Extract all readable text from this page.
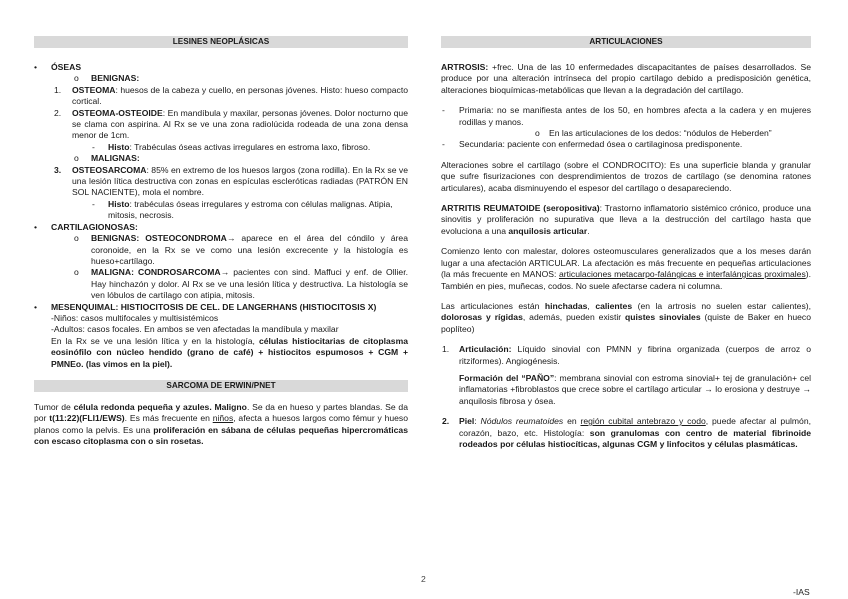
LESINES NEOPLÁSICAS
• ÓSEAS
o BENIGNAS:
1. OSTEOMA: huesos de la cabeza y cuello, en personas jóvenes. Histo: hueso compacto cortical.
2. OSTEOMA-OSTEOIDE: En mandíbula y maxilar, personas jóvenes. Dolor nocturno que se clama con aspirina. Al Rx se ve una zona radiolúcida rodeada de una zona densa menor de 1cm.
- Histo: Trabéculas óseas activas irregulares en estroma laxo, fibroso.
o MALIGNAS:
3. OSTEOSARCOMA: 85% en extremo de los huesos largos (zona rodilla). En la Rx se ve una lesión lítica destructiva con zonas en espículas escleróticas radiadas (PATRÓN EN SOL NACIENTE), mola el nombre.
- Histo: trabéculas óseas irregulares y estroma con células malignas. Atipia, mitosis, necrosis.
• CARTILAGIONOSAS:
o BENIGNAS: OSTEOCONDROMA→ aparece en el área del cóndilo y área coronoide, en la Rx se ve como una lesión excrecente y la histología es hueso+cartílago.
o MALIGNA: CONDROSARCOMA→ pacientes con sind. Maffuci y enf. de Ollier. Hay hinchazón y dolor. Al Rx se ve una lesión lítica y destructiva. La histología se ven lóbulos de cartílago con atipia, mitosis.
• MESENQUIMAL: HISTIOCITOSIS DE CEL. DE LANGERHANS (HISTIOCITOSIS X)

-Niños: casos multifocales y multisistémicos

-Adultos: casos focales. En ambos se ven afectadas la mandíbula y maxilar

En la Rx se ve una lesión lítica y en la histología, células histiocitarias de citoplasma eosinófilo con núcleo hendido (grano de café) + histiocitos espumosos + CGM + PMNEo. (las vimos en la piel).

SARCOMA DE ERWIN/PNET

Tumor de célula redonda pequeña y azules. Maligno. Se da en hueso y partes blandas. Se da por t(11:22)(FLI1/EWS). Es más frecuente en niños, afecta a huesos largos como fémur y hueso planos como la pelvis. Es una proliferación en sábana de células pequeñas hipercromáticas con escaso citoplasma con o sin rosetas.

ARTICULACIONES

ARTROSIS: +frec. Una de las 10 enfermedades discapacitantes de países desarrollados. Se produce por una alteración intrínseca del propio cartílago debido a predisposición genética, alteraciones bioquímicas-metabólicas que llevan a la degradación del cartílago.

- Primaria: no se manifiesta antes de los 50, en hombres afecta a la cadera y en mujeres rodillas y manos.
o En las articulaciones de los dedos: “nódulos de Heberden”
- Secundaria: paciente con enfermedad ósea o cartilaginosa predisponente.

Alteraciones sobre el cartílago (sobre el CONDROCITO): Es una superficie blanda y granular que sufre fisurizaciones con desprendimientos de trozos de cartílago (se denomina ratones articulares), acaba disminuyendo el espesor del cartílago o desapareciendo.

ARTRITIS REUMATOIDE (seropositiva): Trastorno inflamatorio sistémico crónico, produce una sinovitis y proliferación no supurativa que lleva a la destrucción del cartílago hasta que evoluciona a una anquilosis articular.

Comienzo lento con malestar, dolores osteomusculares generalizados que a los meses darán lugar a una afectación ARTICULAR. La afectación es más frecuente en pequeñas articulaciones (la más frecuente en MANOS: articulaciones metacarpo-falángicas e interfalángicas proximales). También en pies, muñecas, codos. No suele afectarse cadera ni columna.

Las articulaciones están hinchadas, calientes (en la artrosis no suelen estar calientes), dolorosas y rígidas, además, pueden existir quistes sinoviales (quiste de Baker en hueco poplíteo)

1. Articulación: Líquido sinovial con PMNN y fibrina organizada (cuerpos de arroz o ritziformes). Angiogénesis.

Formación del “PAÑO”: membrana sinovial con estroma sinovial+ tej de granulación+ cel inflamatorias +fibroblastos que crece sobre el cartílago articular → lo erosiona y destruye → anquilosis fibrosa y ósea.

2. Piel: Nódulos reumatoides en región cubital antebrazo y codo, puede afectar al pulmón, corazón, bazo, etc. Histología: son granulomas con centro de material fibrinoide rodeados por células histiocíticas, algunas CGM y linfocitos y células plasmáticas.
2
-IAS
